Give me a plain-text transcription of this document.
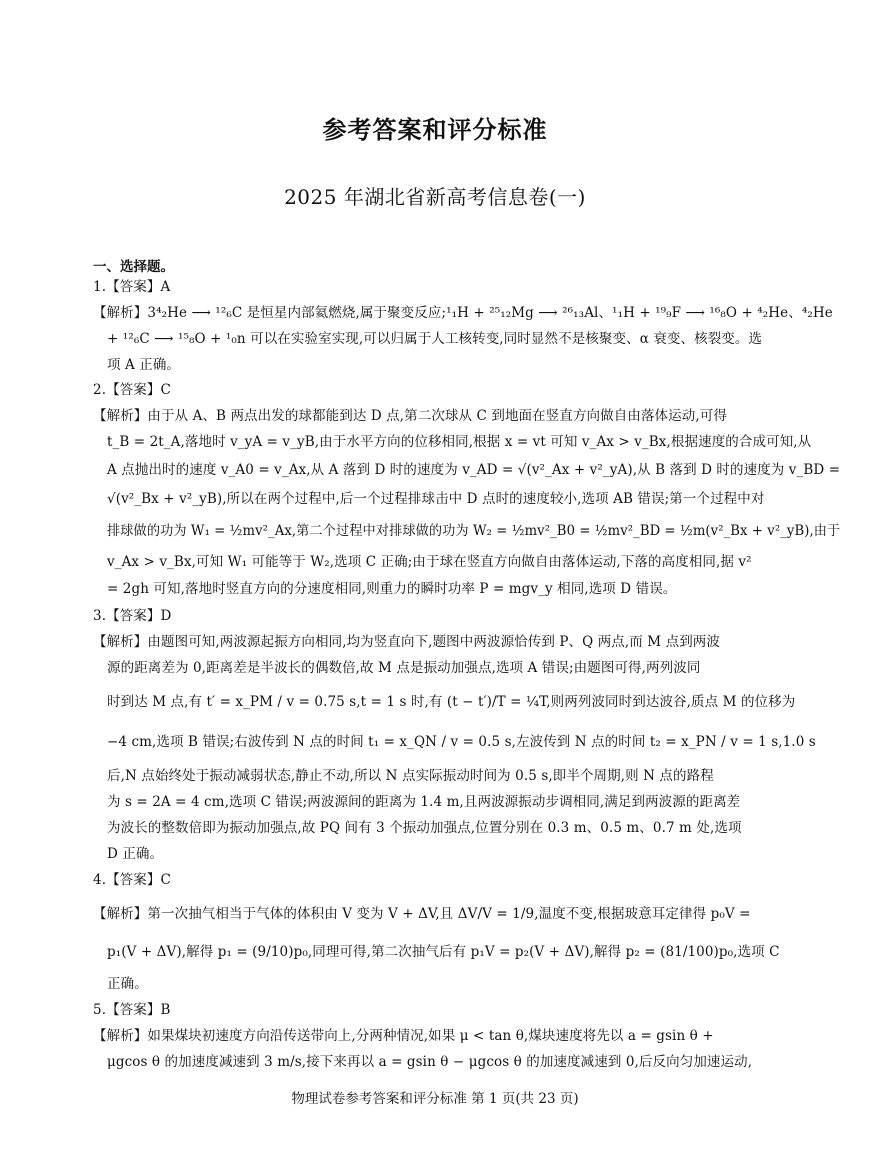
参考答案和评分标准
2025 年湖北省新高考信息卷(一)
一、选择题。
1.【答案】A
【解析】3⁴₂He ⟶ ¹²₆C 是恒星内部氦燃烧,属于聚变反应;¹₁H + ²⁵₁₂Mg ⟶ ²⁶₁₃Al、¹₁H + ¹⁹₉F ⟶ ¹⁶₈O + ⁴₂He、⁴₂He
+ ¹²₆C ⟶ ¹⁵₈O + ¹₀n 可以在实验室实现,可以归属于人工核转变,同时显然不是核聚变、α 衰变、核裂变。选
项 A 正确。
2.【答案】C
【解析】由于从 A、B 两点出发的球都能到达 D 点,第二次球从 C 到地面在竖直方向做自由落体运动,可得
t_B = 2t_A,落地时 v_yA = v_yB,由于水平方向的位移相同,根据 x = vt 可知 v_Ax > v_Bx,根据速度的合成可知,从
A 点抛出时的速度 v_A0 = v_Ax,从 A 落到 D 时的速度为 v_AD = √(v²_Ax + v²_yA),从 B 落到 D 时的速度为 v_BD =
√(v²_Bx + v²_yB),所以在两个过程中,后一个过程排球击中 D 点时的速度较小,选项 AB 错误;第一个过程中对
排球做的功为 W₁ = ½mv²_Ax,第二个过程中对排球做的功为 W₂ = ½mv²_B0 = ½mv²_BD = ½m(v²_Bx + v²_yB),由于
v_Ax > v_Bx,可知 W₁ 可能等于 W₂,选项 C 正确;由于球在竖直方向做自由落体运动,下落的高度相同,据 v²
= 2gh 可知,落地时竖直方向的分速度相同,则重力的瞬时功率 P = mgv_y 相同,选项 D 错误。
3.【答案】D
【解析】由题图可知,两波源起振方向相同,均为竖直向下,题图中两波源恰传到 P、Q 两点,而 M 点到两波
源的距离差为 0,距离差是半波长的偶数倍,故 M 点是振动加强点,选项 A 错误;由题图可得,两列波同
时到达 M 点,有 t′ = x_PM / v = 0.75 s,t = 1 s 时,有 (t − t′)/T = ¼T,则两列波同时到达波谷,质点 M 的位移为
−4 cm,选项 B 错误;右波传到 N 点的时间 t₁ = x_QN / v = 0.5 s,左波传到 N 点的时间 t₂ = x_PN / v = 1 s,1.0 s
后,N 点始终处于振动减弱状态,静止不动,所以 N 点实际振动时间为 0.5 s,即半个周期,则 N 点的路程
为 s = 2A = 4 cm,选项 C 错误;两波源间的距离为 1.4 m,且两波源振动步调相同,满足到两波源的距离差
为波长的整数倍即为振动加强点,故 PQ 间有 3 个振动加强点,位置分别在 0.3 m、0.5 m、0.7 m 处,选项
D 正确。
4.【答案】C
【解析】第一次抽气相当于气体的体积由 V 变为 V + ΔV,且 ΔV/V = 1/9,温度不变,根据玻意耳定律得 p₀V =
p₁(V + ΔV),解得 p₁ = (9/10)p₀,同理可得,第二次抽气后有 p₁V = p₂(V + ΔV),解得 p₂ = (81/100)p₀,选项 C
正确。
5.【答案】B
【解析】如果煤块初速度方向沿传送带向上,分两种情况,如果 μ < tan θ,煤块速度将先以 a = gsin θ +
μgcos θ 的加速度减速到 3 m/s,接下来再以 a = gsin θ − μgcos θ 的加速度减速到 0,后反向匀加速运动,
物理试卷参考答案和评分标准 第 1 页(共 23 页)
